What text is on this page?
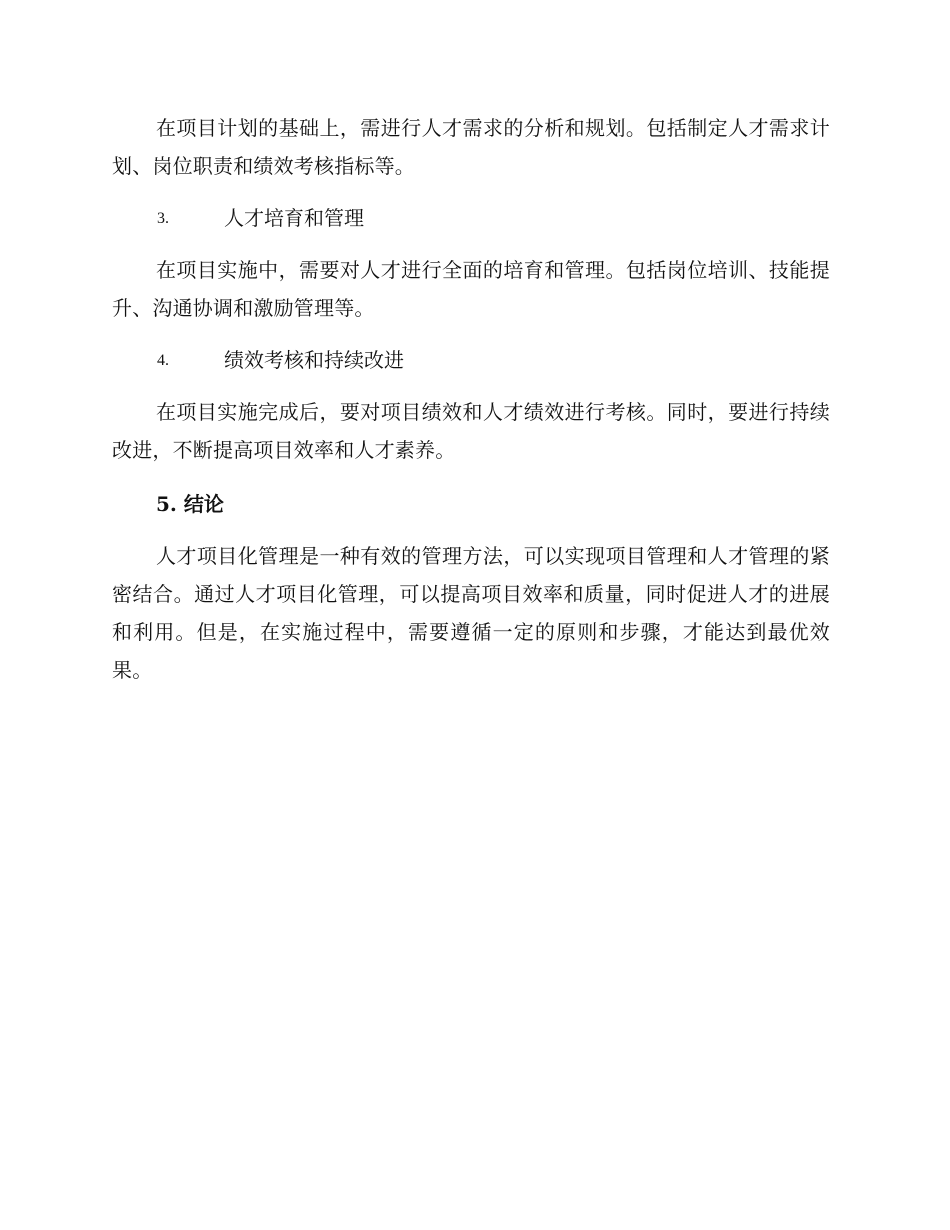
在项目计划的基础上，需进行人才需求的分析和规划。包括制定人才需求计划、岗位职责和绩效考核指标等。

3.	人才培育和管理

在项目实施中，需要对人才进行全面的培育和管理。包括岗位培训、技能提升、沟通协调和激励管理等。

4.	绩效考核和持续改进

在项目实施完成后，要对项目绩效和人才绩效进行考核。同时，要进行持续改进，不断提高项目效率和人才素养。

5. 结论

人才项目化管理是一种有效的管理方法，可以实现项目管理和人才管理的紧密结合。通过人才项目化管理，可以提高项目效率和质量，同时促进人才的进展和利用。但是，在实施过程中，需要遵循一定的原则和步骤，才能达到最优效果。
